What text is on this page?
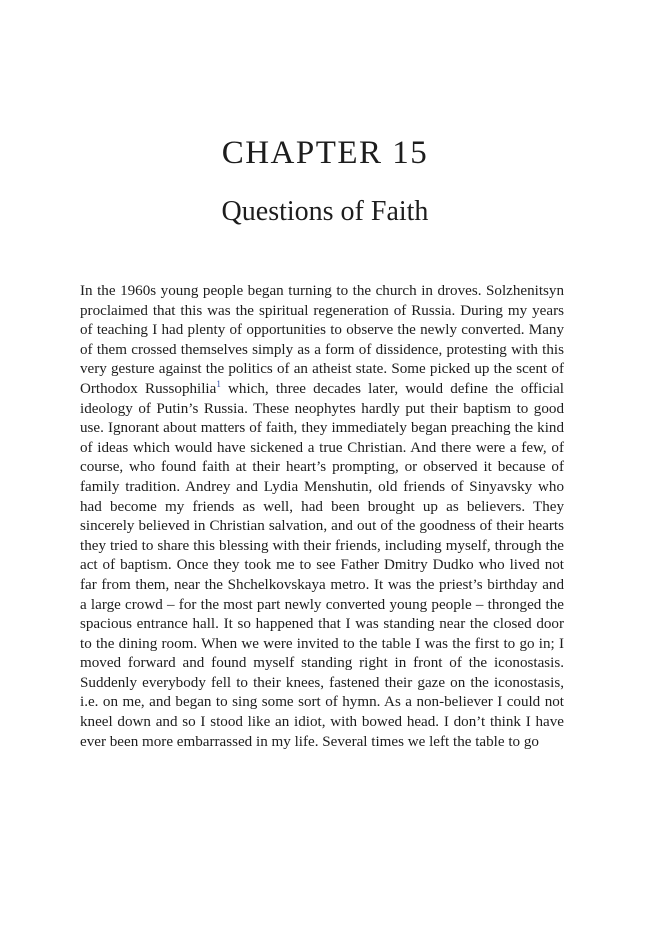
CHAPTER 15
Questions of Faith

In the 1960s young people began turning to the church in droves. Solzhenitsyn proclaimed that this was the spiritual regeneration of Russia. During my years of teaching I had plenty of opportunities to observe the newly converted. Many of them crossed themselves simply as a form of dissidence, protesting with this very gesture against the politics of an atheist state. Some picked up the scent of Orthodox Russophilia$^1$ which, three decades later, would define the official ideology of Putin’s Russia. These neophytes hardly put their baptism to good use. Ignorant about matters of faith, they immediately began preaching the kind of ideas which would have sickened a true Christian. And there were a few, of course, who found faith at their heart’s prompting, or observed it because of family tradition. Andrey and Lydia Menshutin, old friends of Sinyavsky who had become my friends as well, had been brought up as believers. They sincerely believed in Christian salvation, and out of the goodness of their hearts they tried to share this blessing with their friends, including myself, through the act of baptism. Once they took me to see Father Dmitry Dudko who lived not far from them, near the Shchelkovskaya metro. It was the priest’s birthday and a large crowd – for the most part newly converted young people – thronged the spacious entrance hall. It so happened that I was standing near the closed door to the dining room. When we were invited to the table I was the first to go in; I moved forward and found myself standing right in front of the iconostasis. Suddenly everybody fell to their knees, fastened their gaze on the iconostasis, i.e. on me, and began to sing some sort of hymn. As a non-believer I could not kneel down and so I stood like an idiot, with bowed head. I don’t think I have ever been more embarrassed in my life. Several times we left the table to go
